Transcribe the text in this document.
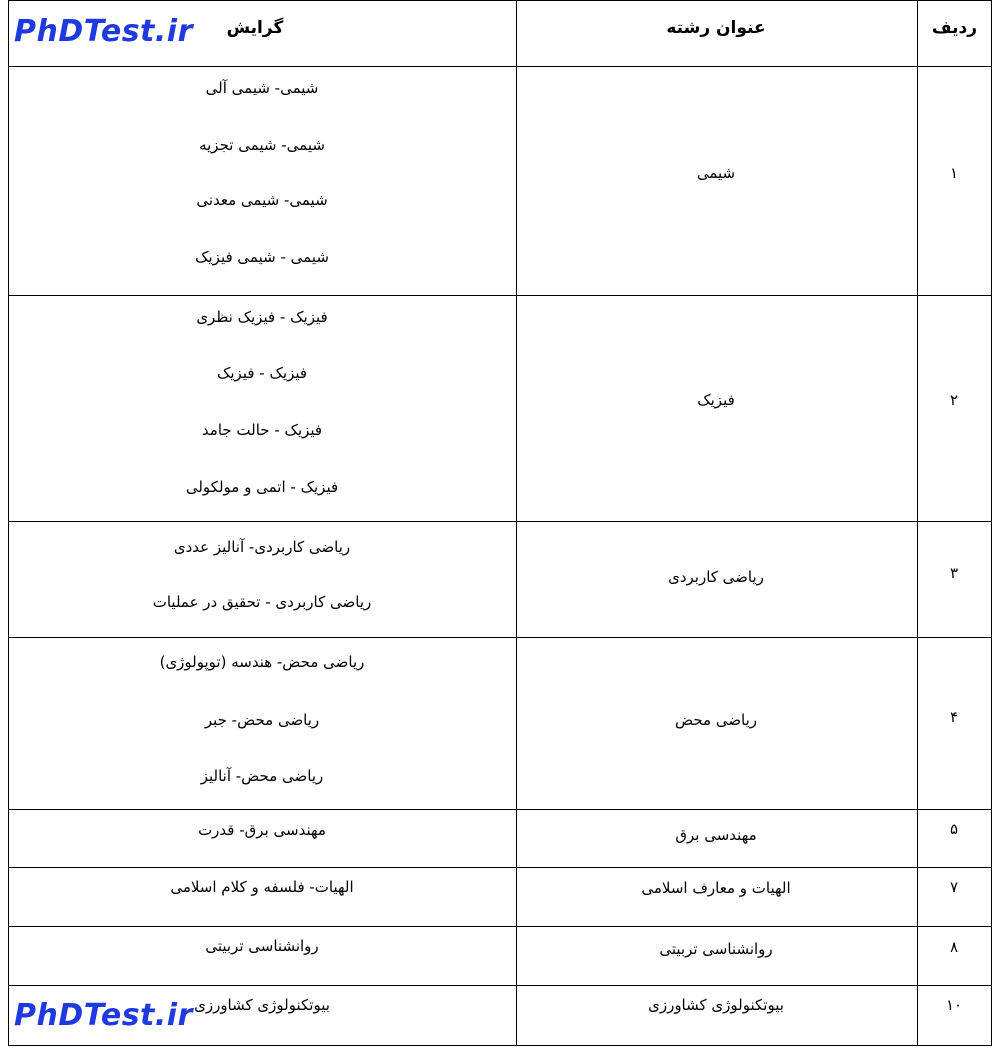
ردیف
عنوان رشته
گرایش
PhDTest.ir
PhDTest.ir
۱
شیمی
شیمی- شیمی آلی
شیمی- شیمی تجزیه
شیمی- شیمی معدنی
شیمی - شیمی فیزیک
۲
فیزیک
فیزیک - فیزیک نظری
فیزیک - فیزیک
فیزیک - حالت جامد
فیزیک - اتمی و مولکولی
۳
ریاضی کاربردی
ریاضی کاربردی- آنالیز عددی
ریاضی کاربردی - تحقیق در عملیات
۴
ریاضی محض
ریاضی محض- هندسه (توپولوژی)
ریاضی محض- جبر
ریاضی محض- آنالیز
۵
مهندسی برق
مهندسی برق- قدرت
۷
الهیات و معارف اسلامی
الهیات- فلسفه و کلام اسلامی
۸
روانشناسی تربیتی
روانشناسی تربیتی
۱۰
بیوتکنولوژی کشاورزی
بیوتکنولوژی کشاورزی
